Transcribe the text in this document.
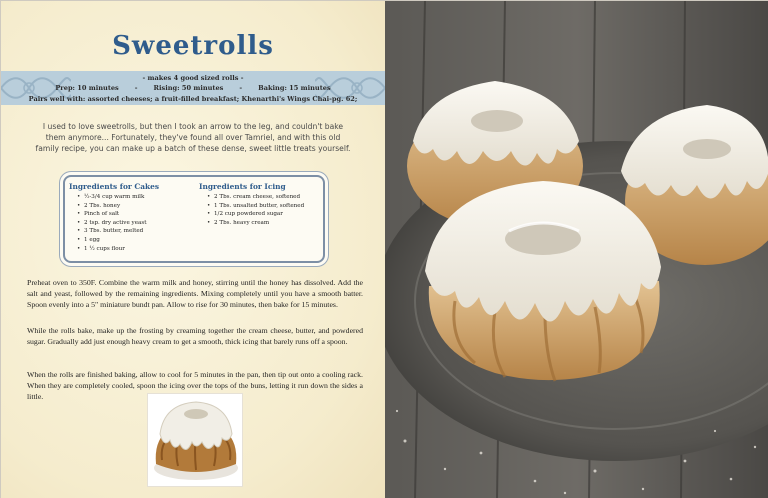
Sweetrolls
- makes 4 good sized rolls -
Prep: 10 minutes - Rising: 50 minutes - Baking: 15 minutes
Pairs well with: assorted cheeses; a fruit-filled breakfast; Khenarthi's Wings Chai-pg. 62;
I used to love sweetrolls, but then I took an arrow to the leg, and couldn't bake them anymore... Fortunately, they've found all over Tamriel, and with this old family recipe, you can make up a batch of these dense, sweet little treats yourself.
Ingredients for Cakes
• ½-3/4 cup warm milk
• 2 Tbs. honey
• Pinch of salt
• 2 tsp. dry active yeast
• 3 Tbs. butter, melted
• 1 egg
• 1 ½ cups flour
Ingredients for Icing
• 2 Tbs. cream cheese, softened
• 1 Tbs. unsalted butter, softened
• 1/2 cup powdered sugar
• 2 Tbs. heavy cream
Preheat oven to 350F. Combine the warm milk and honey, stirring until the honey has dissolved. Add the salt and yeast, followed by the remaining ingredients. Mixing completely until you have a smooth batter. Spoon evenly into a 5" miniature bundt pan. Allow to rise for 30 minutes, then bake for 15 minutes.
While the rolls bake, make up the frosting by creaming together the cream cheese, butter, and powdered sugar. Gradually add just enough heavy cream to get a smooth, thick icing that barely runs off a spoon.
When the rolls are finished baking, allow to cool for 5 minutes in the pan, then tip out onto a cooling rack. When they are completely cooled, spoon the icing over the tops of the buns, letting it run down the sides a little.
